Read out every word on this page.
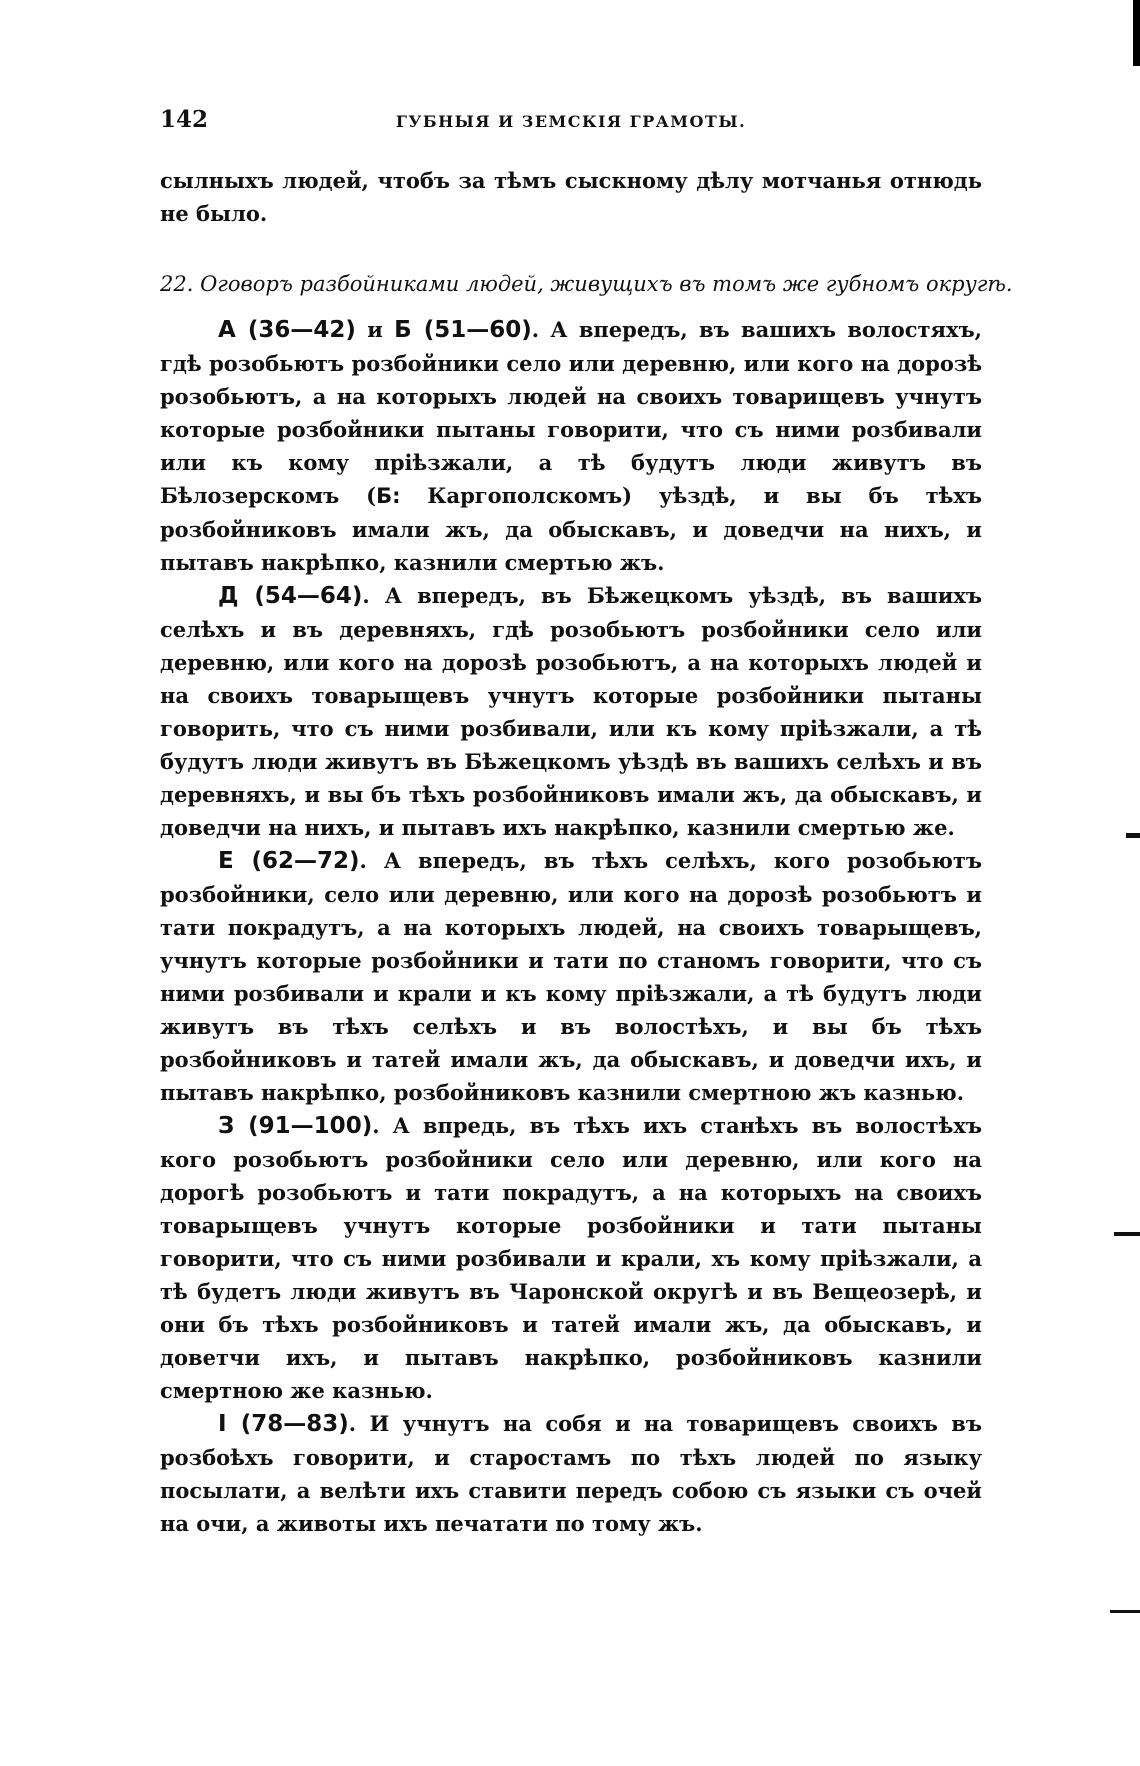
142	ГУБНЫЯ И ЗЕМСКІЯ ГРАМОТЫ.

сылныхъ людей, чтобъ за тѣмъ сыскному дѣлу мотчанья отнюдь не было.

22. Оговоръ разбойниками людей, живущихъ въ томъ же губномъ округѣ.

А (36—42) и Б (51—60). А впередъ, въ вашихъ волостяхъ, гдѣ розобьютъ розбойники село или деревню, или кого на дорозѣ розобьютъ, а на которыхъ людей на своихъ товарищевъ учнутъ которые розбойники пытаны говорити, что съ ними розбивали или къ кому пріѣзжали, а тѣ будутъ люди живутъ въ Бѣлозерскомъ (Б: Каргополскомъ) уѣздѣ, и вы бъ тѣхъ розбойниковъ имали жъ, да обыскавъ, и доведчи на нихъ, и пытавъ накрѣпко, казнили смертью жъ.

Д (54—64). А впередъ, въ Бѣжецкомъ уѣздѣ, въ вашихъ селѣхъ и въ деревняхъ, гдѣ розобьютъ розбойники село или деревню, или кого на дорозѣ розобьютъ, а на которыхъ людей и на своихъ товарыщевъ учнутъ которые розбойники пытаны говорить, что съ ними розбивали, или къ кому пріѣзжали, а тѣ будутъ люди живутъ въ Бѣжецкомъ уѣздѣ въ вашихъ селѣхъ и въ деревняхъ, и вы бъ тѣхъ розбойниковъ имали жъ, да обыскавъ, и доведчи на нихъ, и пытавъ ихъ накрѣпко, казнили смертью же.

Е (62—72). А впередъ, въ тѣхъ селѣхъ, кого розобьютъ розбойники, село или деревню, или кого на дорозѣ розобьютъ и тати покрадутъ, а на которыхъ людей, на своихъ товарыщевъ, учнутъ которые розбойники и тати по станомъ говорити, что съ ними розбивали и крали и къ кому пріѣзжали, а тѣ будутъ люди живутъ въ тѣхъ селѣхъ и въ волостѣхъ, и вы бъ тѣхъ розбойниковъ и татей имали жъ, да обыскавъ, и доведчи ихъ, и пытавъ накрѣпко, розбойниковъ казнили смертною жъ казнью.

З (91—100). А впредь, въ тѣхъ ихъ станѣхъ въ волостѣхъ кого розобьютъ розбойники село или деревню, или кого на дорогѣ розобьютъ и тати покрадутъ, а на которыхъ на своихъ товарыщевъ учнутъ которые розбойники и тати пытаны говорити, что съ ними розбивали и крали, хъ кому пріѣзжали, а тѣ будетъ люди живутъ въ Чаронской округѣ и въ Вещеозерѣ, и они бъ тѣхъ розбойниковъ и татей имали жъ, да обыскавъ, и доветчи ихъ, и пытавъ накрѣпко, розбойниковъ казнили смертною же казнью.

І (78—83). И учнутъ на собя и на товарищевъ своихъ въ розбоѣхъ говорити, и старостамъ по тѣхъ людей по языку посылати, а велѣти ихъ ставити передъ собою съ языки съ очей на очи, а животы ихъ печатати по тому жъ.
